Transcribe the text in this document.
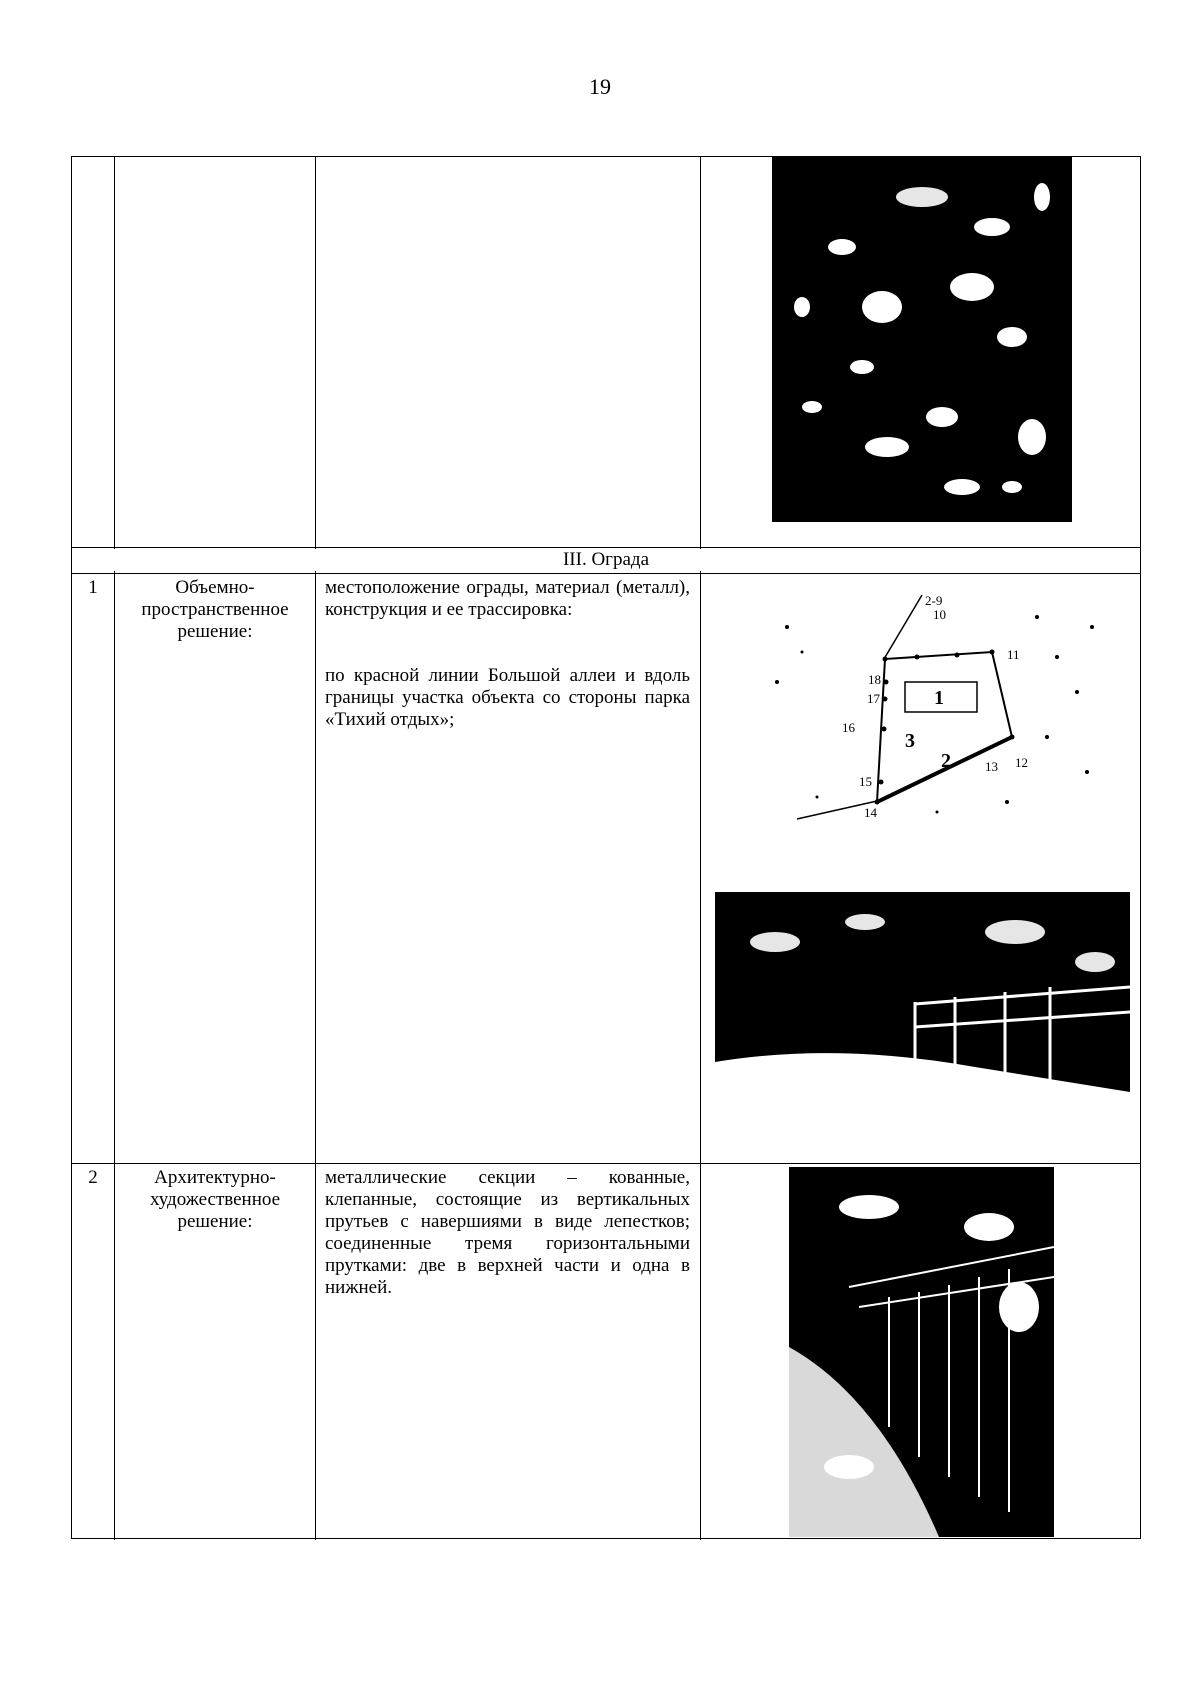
19
III. Ограда
1	Объемно-пространственное решение:
местоположение ограды, материал (металл), конструкция и ее трассировка:
по красной линии Большой аллеи и вдоль границы участка объекта со стороны парка «Тихий отдых»;
2-9
10
11
12
13
14
15
16
17
18
1
2
3
2	Архитектурно-художественное решение:
металлические секции – кованные, клепанные, состоящие из вертикальных прутьев с навершиями в виде лепестков; соединенные тремя горизонтальными прутками: две в верхней части и одна в нижней.
